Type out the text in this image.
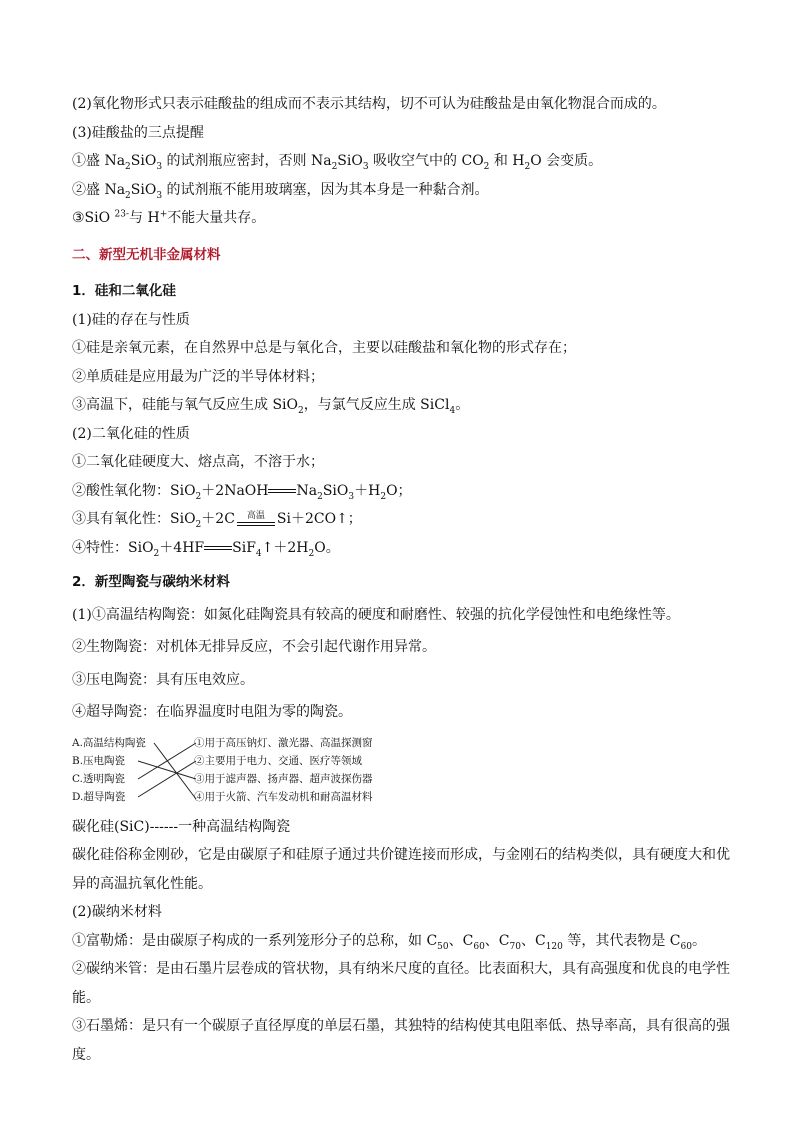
(2)氧化物形式只表示硅酸盐的组成而不表示其结构，切不可认为硅酸盐是由氧化物混合而成的。

(3)硅酸盐的三点提醒

①盛 $Na_2SiO_3$ 的试剂瓶应密封，否则 $Na_2SiO_3$ 吸收空气中的 $CO_2$ 和 $H_2O$ 会变质。

②盛 $Na_2SiO_3$ 的试剂瓶不能用玻璃塞，因为其本身是一种黏合剂。

③SiO $^{23-}$与 H+不能大量共存。

二、新型无机非金属材料

1．硅和二氧化硅

(1)硅的存在与性质

①硅是亲氧元素，在自然界中总是与氧化合，主要以硅酸盐和氧化物的形式存在；

②单质硅是应用最为广泛的半导体材料；

③高温下，硅能与氧气反应生成 SiO$_2$，与氯气反应生成 SiCl$_4$。

(2)二氧化硅的性质

①二氧化硅硬度大、熔点高，不溶于水；

②酸性氧化物：SiO$_2$＋2NaOH $Na_2SiO_3+H_2O$；

③具有氧化性：SiO$_2$＋2C	高温 Si＋2CO↑；

④特性：SiO$_2$＋4HF $SiF_4↑+2H_2O$。

2．新型陶瓷与碳纳米材料

(1)①高温结构陶瓷：如氮化硅陶瓷具有较高的硬度和耐磨性、较强的抗化学侵蚀性和电绝缘性等。

②生物陶瓷：对机体无排异反应，不会引起代谢作用异常。

③压电陶瓷：具有压电效应。

④超导陶瓷：在临界温度时电阻为零的陶瓷。

A.高温结构陶瓷
B.压电陶瓷
C.透明陶瓷
D.超导陶瓷
①用于高压钠灯、激光器、高温探测窗
②主要用于电力、交通、医疗等领域
③用于滤声器、扬声器、超声波探伤器
④用于火箭、汽车发动机和耐高温材料

碳化硅(SiC)------一种高温结构陶瓷

碳化硅俗称金刚砂，它是由碳原子和硅原子通过共价键连接而形成，与金刚石的结构类似，具有硬度大和优异的高温抗氧化性能。

(2)碳纳米材料

①富勒烯：是由碳原子构成的一系列笼形分子的总称，如 $C_{50}$、$C_{60}$、$C_{70}$、$C_{120}$ 等，其代表物是 $C_{60}$。

②碳纳米管：是由石墨片层卷成的管状物，具有纳米尺度的直径。比表面积大，具有高强度和优良的电学性能。

③石墨烯：是只有一个碳原子直径厚度的单层石墨，其独特的结构使其电阻率低、热导率高，具有很高的强度。
